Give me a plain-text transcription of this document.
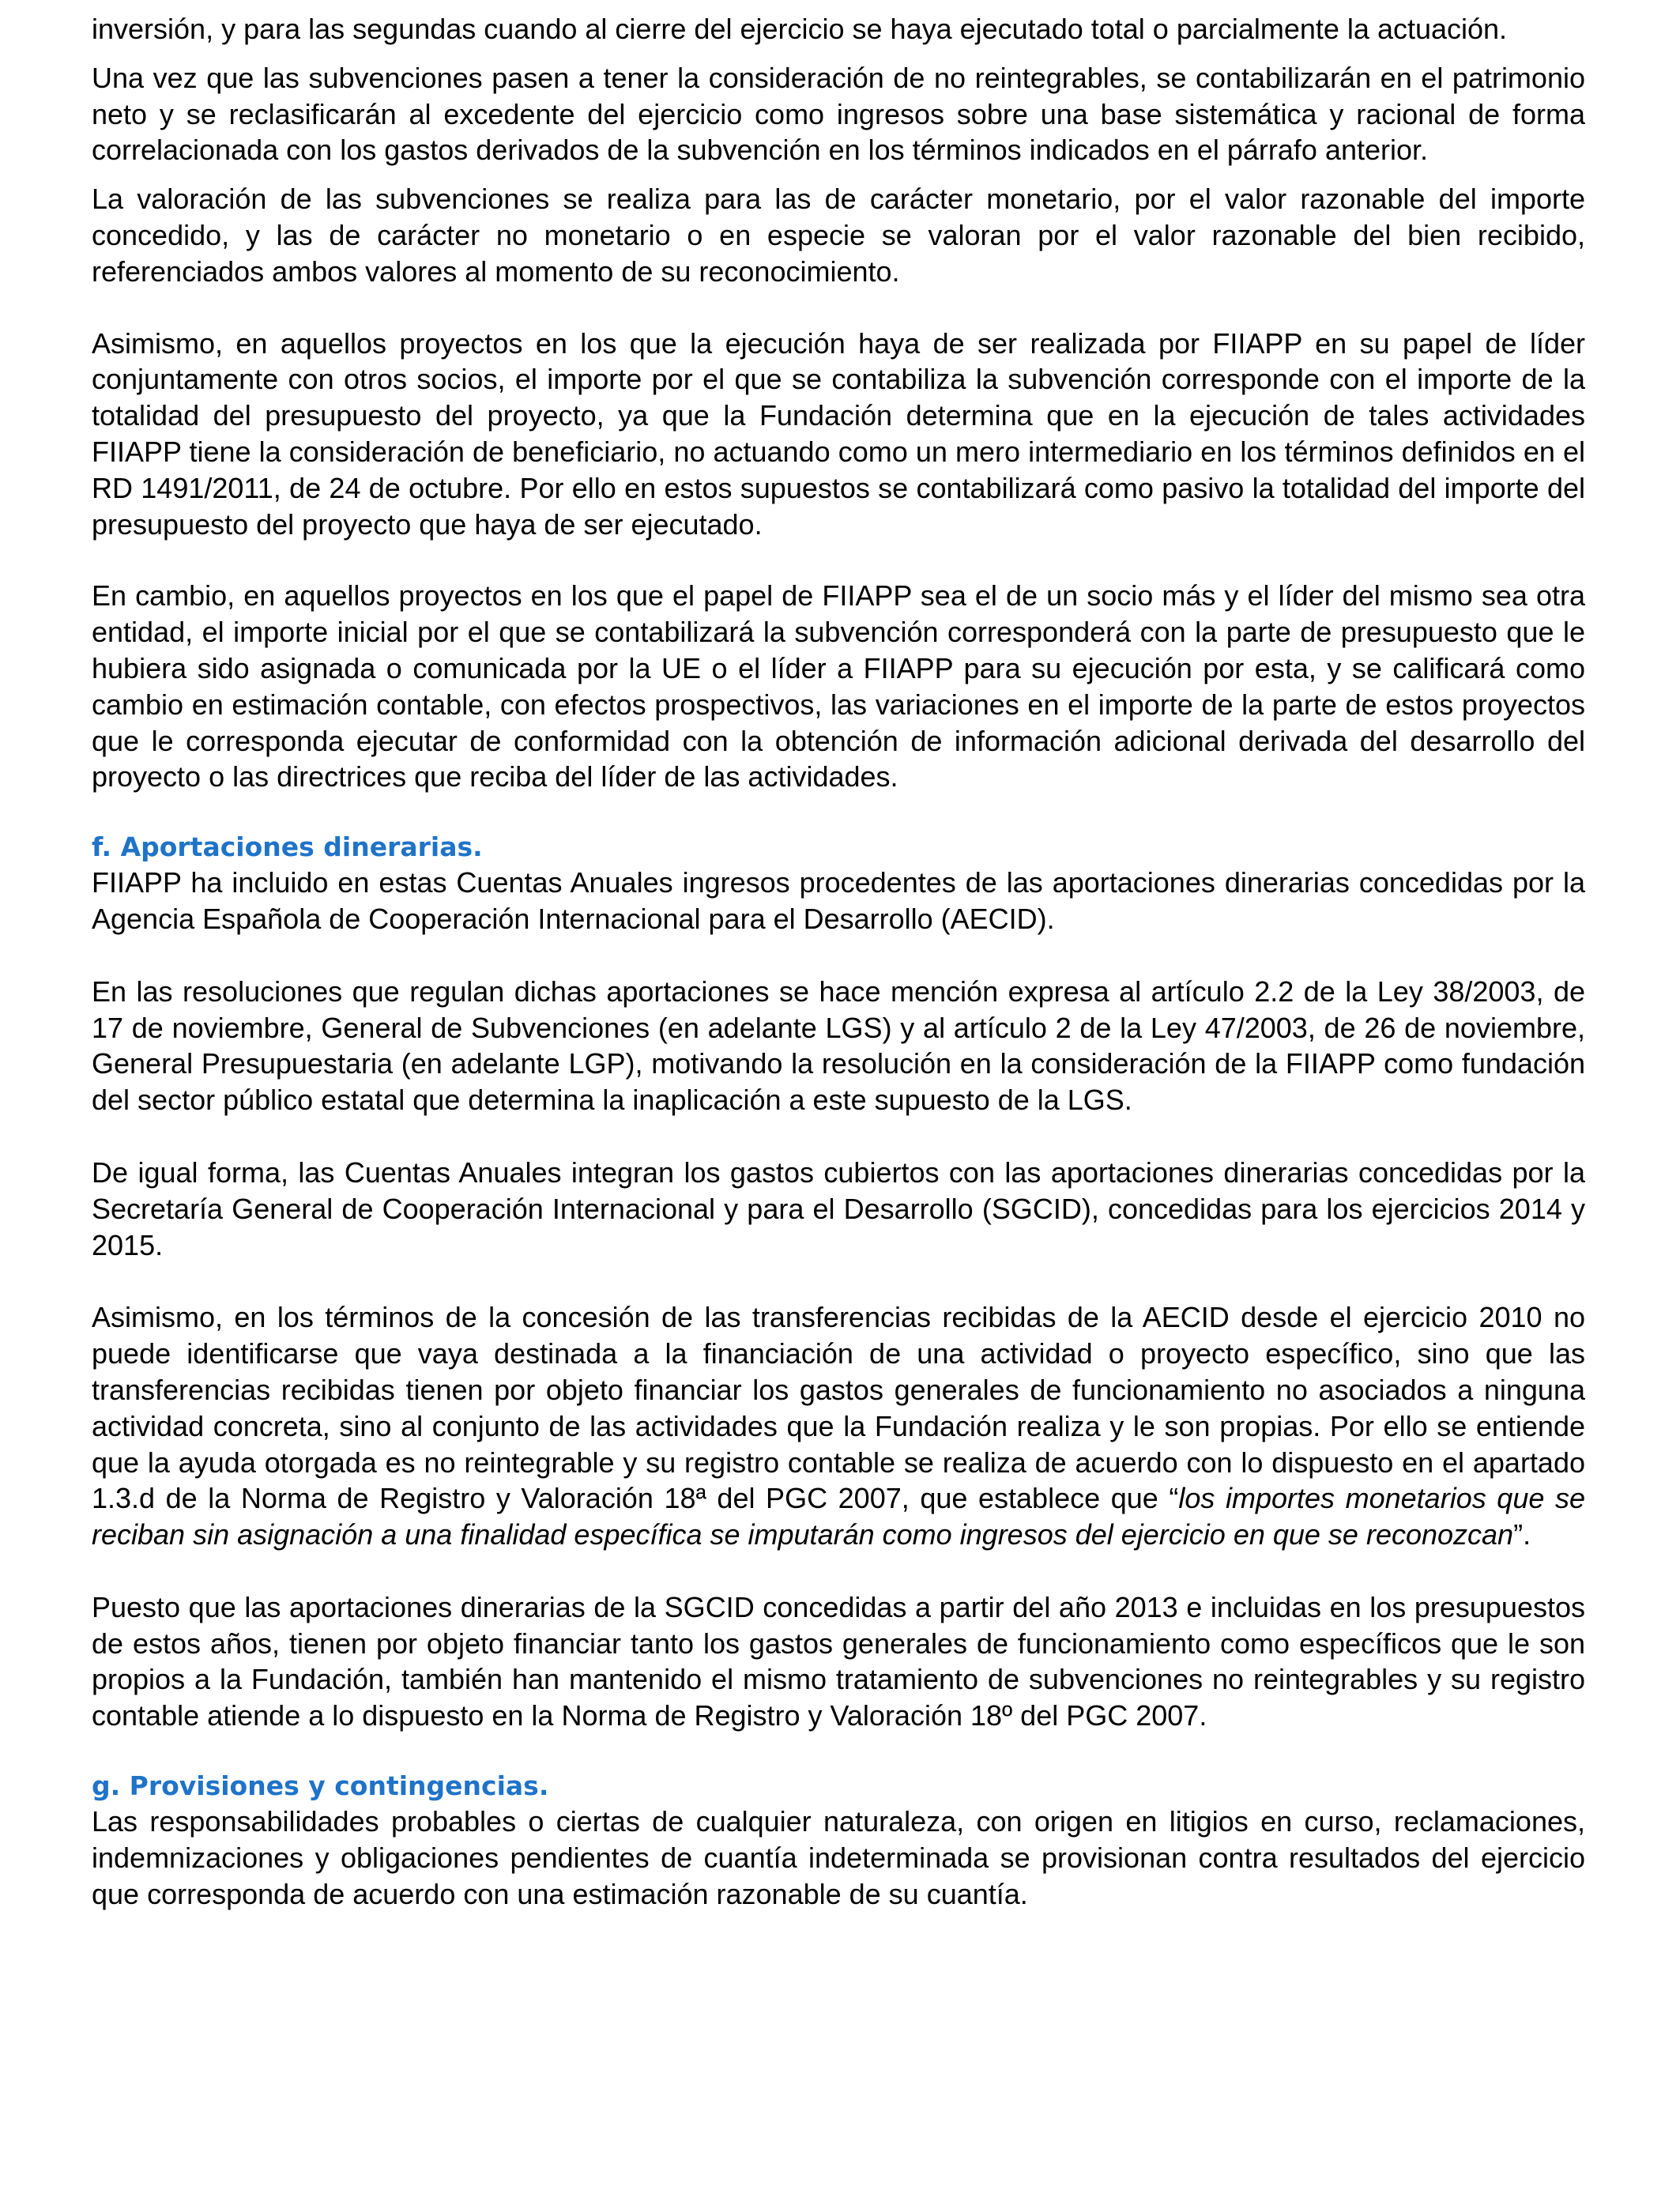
inversión, y para las segundas cuando al cierre del ejercicio se haya ejecutado total o parcialmente la actuación.

Una vez que las subvenciones pasen a tener la consideración de no reintegrables, se contabilizarán en el patrimonio neto y se reclasificarán al excedente del ejercicio como ingresos sobre una base sistemática y racional de forma correlacionada con los gastos derivados de la subvención en los términos indicados en el párrafo anterior.

La valoración de las subvenciones se realiza para las de carácter monetario, por el valor razonable del importe concedido, y las de carácter no monetario o en especie se valoran por el valor razonable del bien recibido, referenciados ambos valores al momento de su reconocimiento.

Asimismo, en aquellos proyectos en los que la ejecución haya de ser realizada por FIIAPP en su papel de líder conjuntamente con otros socios, el importe por el que se contabiliza la subvención corresponde con el importe de la totalidad del presupuesto del proyecto, ya que la Fundación determina que en la ejecución de tales actividades FIIAPP tiene la consideración de beneficiario, no actuando como un mero intermediario en los términos definidos en el RD 1491/2011, de 24 de octubre. Por ello en estos supuestos se contabilizará como pasivo la totalidad del importe del presupuesto del proyecto que haya de ser ejecutado.

En cambio, en aquellos proyectos en los que el papel de FIIAPP sea el de un socio más y el líder del mismo sea otra entidad, el importe inicial por el que se contabilizará la subvención corresponderá con la parte de presupuesto que le hubiera sido asignada o comunicada por la UE o el líder a FIIAPP para su ejecución por esta, y se calificará como cambio en estimación contable, con efectos prospectivos, las variaciones en el importe de la parte de estos proyectos que le corresponda ejecutar de conformidad con la obtención de información adicional derivada del desarrollo del proyecto o las directrices que reciba del líder de las actividades.

f. Aportaciones dinerarias.

FIIAPP ha incluido en estas Cuentas Anuales ingresos procedentes de las aportaciones dinerarias concedidas por la Agencia Española de Cooperación Internacional para el Desarrollo (AECID).

En las resoluciones que regulan dichas aportaciones se hace mención expresa al artículo 2.2 de la Ley 38/2003, de 17 de noviembre, General de Subvenciones (en adelante LGS) y al artículo 2 de la Ley 47/2003, de 26 de noviembre, General Presupuestaria (en adelante LGP), motivando la resolución en la consideración de la FIIAPP como fundación del sector público estatal que determina la inaplicación a este supuesto de la LGS.

De igual forma, las Cuentas Anuales integran los gastos cubiertos con las aportaciones dinerarias concedidas por la Secretaría General de Cooperación Internacional y para el Desarrollo (SGCID), concedidas para los ejercicios 2014 y 2015.

Asimismo, en los términos de la concesión de las transferencias recibidas de la AECID desde el ejercicio 2010 no puede identificarse que vaya destinada a la financiación de una actividad o proyecto específico, sino que las transferencias recibidas tienen por objeto financiar los gastos generales de funcionamiento no asociados a ninguna actividad concreta, sino al conjunto de las actividades que la Fundación realiza y le son propias. Por ello se entiende que la ayuda otorgada es no reintegrable y su registro contable se realiza de acuerdo con lo dispuesto en el apartado 1.3.d de la Norma de Registro y Valoración 18ª del PGC 2007, que establece que “los importes monetarios que se reciban sin asignación a una finalidad específica se imputarán como ingresos del ejercicio en que se reconozcan”.

Puesto que las aportaciones dinerarias de la SGCID concedidas a partir del año 2013 e incluidas en los presupuestos de estos años, tienen por objeto financiar tanto los gastos generales de funcionamiento como específicos que le son propios a la Fundación, también han mantenido el mismo tratamiento de subvenciones no reintegrables y su registro contable atiende a lo dispuesto en la Norma de Registro y Valoración 18º del PGC 2007.

g. Provisiones y contingencias.

Las responsabilidades probables o ciertas de cualquier naturaleza, con origen en litigios en curso, reclamaciones, indemnizaciones y obligaciones pendientes de cuantía indeterminada se provisionan contra resultados del ejercicio que corresponda de acuerdo con una estimación razonable de su cuantía.
